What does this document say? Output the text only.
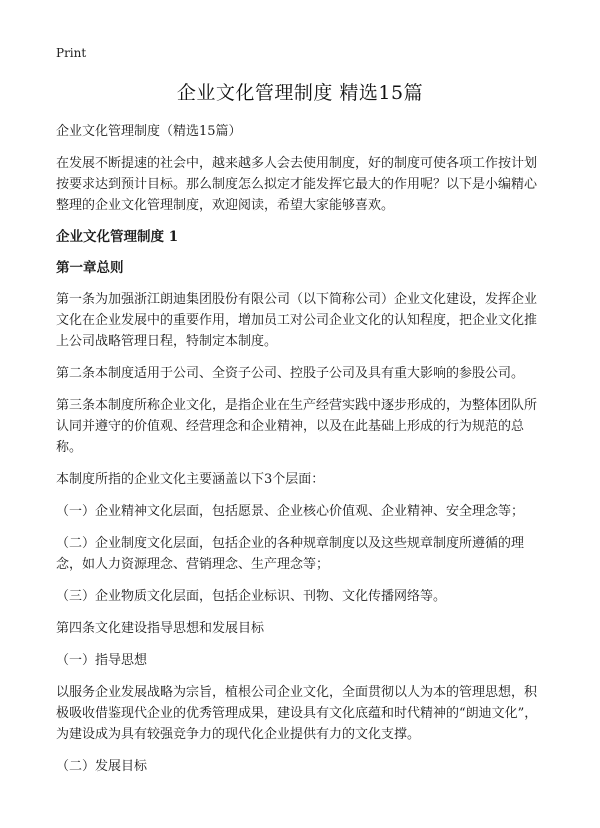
Print
企业文化管理制度 精选15篇

企业文化管理制度（精选15篇）

在发展不断提速的社会中，越来越多人会去使用制度，好的制度可使各项工作按计划按要求达到预计目标。那么制度怎么拟定才能发挥它最大的作用呢？以下是小编精心整理的企业文化管理制度，欢迎阅读，希望大家能够喜欢。

企业文化管理制度 1

第一章总则

第一条为加强浙江朗迪集团股份有限公司（以下简称公司）企业文化建设，发挥企业文化在企业发展中的重要作用，增加员工对公司企业文化的认知程度，把企业文化推上公司战略管理日程，特制定本制度。

第二条本制度适用于公司、全资子公司、控股子公司及具有重大影响的参股公司。

第三条本制度所称企业文化，是指企业在生产经营实践中逐步形成的，为整体团队所认同并遵守的价值观、经营理念和企业精神，以及在此基础上形成的行为规范的总称。

本制度所指的企业文化主要涵盖以下3个层面：

（一）企业精神文化层面，包括愿景、企业核心价值观、企业精神、安全理念等；

（二）企业制度文化层面，包括企业的各种规章制度以及这些规章制度所遵循的理念，如人力资源理念、营销理念、生产理念等；

（三）企业物质文化层面，包括企业标识、刊物、文化传播网络等。

第四条文化建设指导思想和发展目标

（一）指导思想

以服务企业发展战略为宗旨，植根公司企业文化，全面贯彻以人为本的管理思想，积极吸收借鉴现代企业的优秀管理成果，建设具有文化底蕴和时代精神的“朗迪文化”，为建设成为具有较强竞争力的现代化企业提供有力的文化支撑。

（二）发展目标
